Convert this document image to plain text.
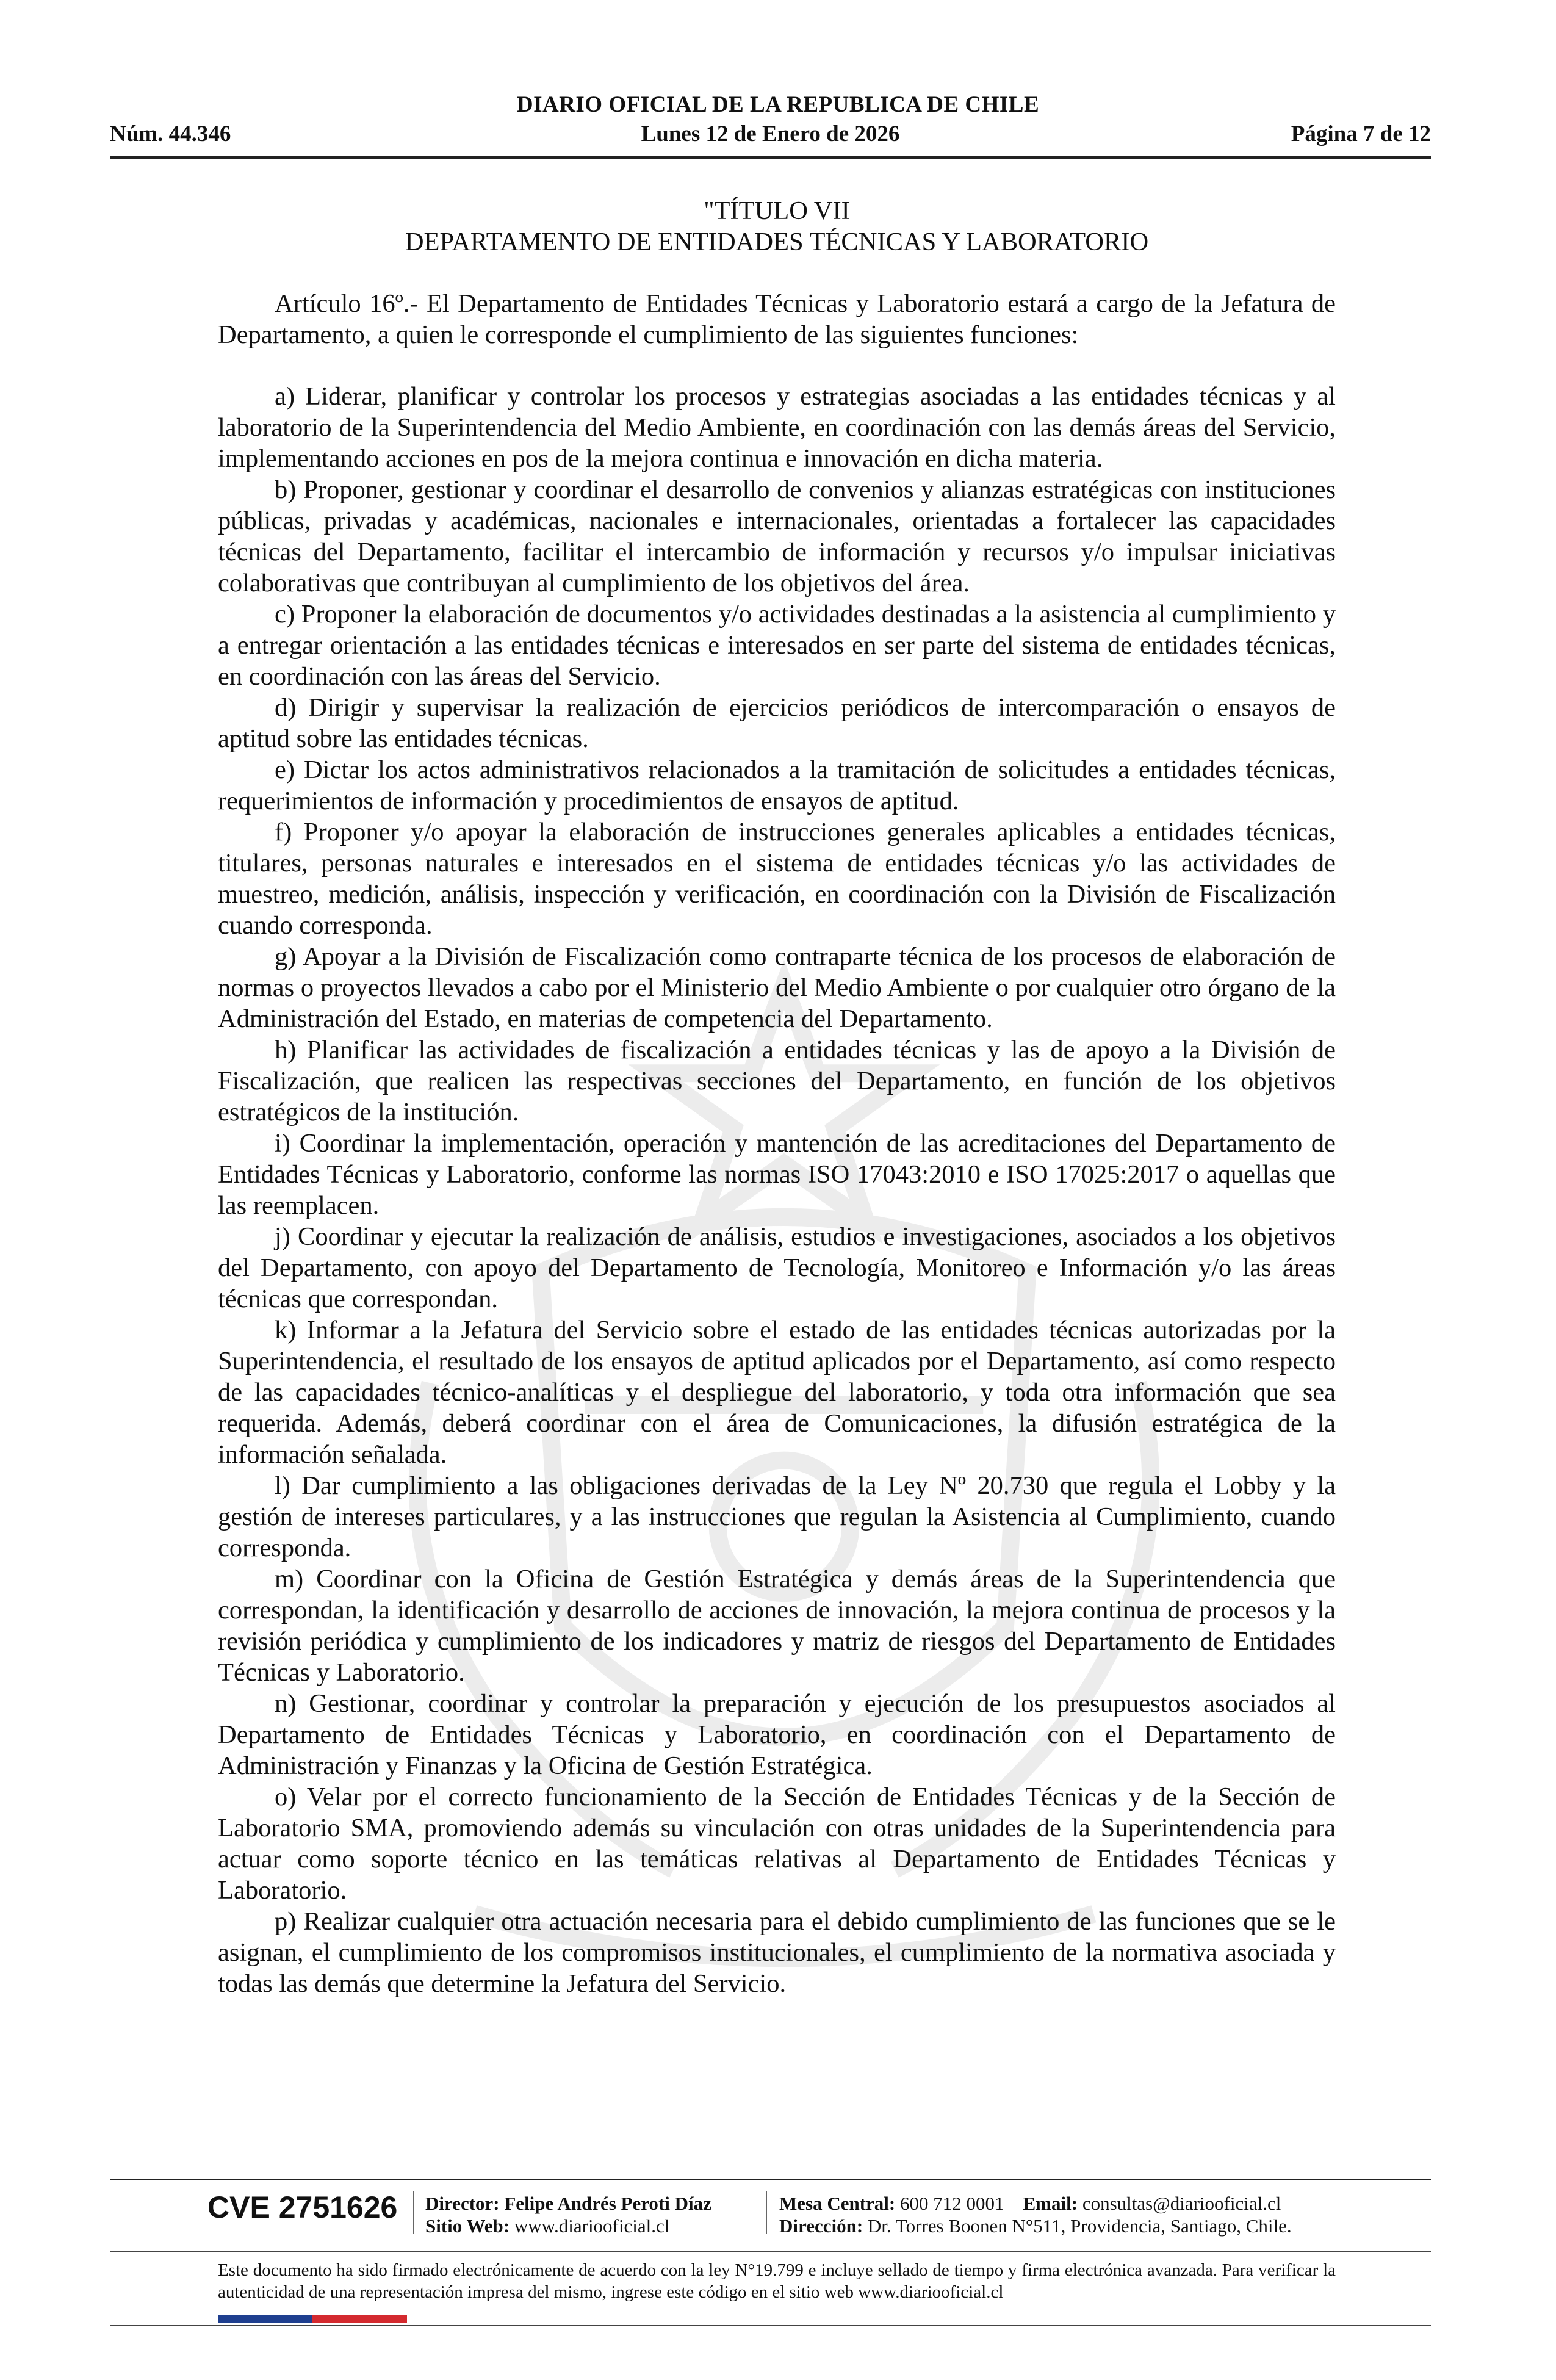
DIARIO OFICIAL DE LA REPUBLICA DE CHILE
Núm. 44.346	Lunes 12 de Enero de 2026	Página 7 de 12
"TÍTULO VII
DEPARTAMENTO DE ENTIDADES TÉCNICAS Y LABORATORIO

Artículo 16º.- El Departamento de Entidades Técnicas y Laboratorio estará a cargo de la Jefatura de Departamento, a quien le corresponde el cumplimiento de las siguientes funciones:

a) Liderar, planificar y controlar los procesos y estrategias asociadas a las entidades técnicas y al laboratorio de la Superintendencia del Medio Ambiente, en coordinación con las demás áreas del Servicio, implementando acciones en pos de la mejora continua e innovación en dicha materia.

b) Proponer, gestionar y coordinar el desarrollo de convenios y alianzas estratégicas con instituciones públicas, privadas y académicas, nacionales e internacionales, orientadas a fortalecer las capacidades técnicas del Departamento, facilitar el intercambio de información y recursos y/o impulsar iniciativas colaborativas que contribuyan al cumplimiento de los objetivos del área.

c) Proponer la elaboración de documentos y/o actividades destinadas a la asistencia al cumplimiento y a entregar orientación a las entidades técnicas e interesados en ser parte del sistema de entidades técnicas, en coordinación con las áreas del Servicio.

d) Dirigir y supervisar la realización de ejercicios periódicos de intercomparación o ensayos de aptitud sobre las entidades técnicas.

e) Dictar los actos administrativos relacionados a la tramitación de solicitudes a entidades técnicas, requerimientos de información y procedimientos de ensayos de aptitud.

f) Proponer y/o apoyar la elaboración de instrucciones generales aplicables a entidades técnicas, titulares, personas naturales e interesados en el sistema de entidades técnicas y/o las actividades de muestreo, medición, análisis, inspección y verificación, en coordinación con la División de Fiscalización cuando corresponda.

g) Apoyar a la División de Fiscalización como contraparte técnica de los procesos de elaboración de normas o proyectos llevados a cabo por el Ministerio del Medio Ambiente o por cualquier otro órgano de la Administración del Estado, en materias de competencia del Departamento.

h) Planificar las actividades de fiscalización a entidades técnicas y las de apoyo a la División de Fiscalización, que realicen las respectivas secciones del Departamento, en función de los objetivos estratégicos de la institución.

i) Coordinar la implementación, operación y mantención de las acreditaciones del Departamento de Entidades Técnicas y Laboratorio, conforme las normas ISO 17043:2010 e ISO 17025:2017 o aquellas que las reemplacen.

j) Coordinar y ejecutar la realización de análisis, estudios e investigaciones, asociados a los objetivos del Departamento, con apoyo del Departamento de Tecnología, Monitoreo e Información y/o las áreas técnicas que correspondan.

k) Informar a la Jefatura del Servicio sobre el estado de las entidades técnicas autorizadas por la Superintendencia, el resultado de los ensayos de aptitud aplicados por el Departamento, así como respecto de las capacidades técnico-analíticas y el despliegue del laboratorio, y toda otra información que sea requerida. Además, deberá coordinar con el área de Comunicaciones, la difusión estratégica de la información señalada.

l) Dar cumplimiento a las obligaciones derivadas de la Ley Nº 20.730 que regula el Lobby y la gestión de intereses particulares, y a las instrucciones que regulan la Asistencia al Cumplimiento, cuando corresponda.

m) Coordinar con la Oficina de Gestión Estratégica y demás áreas de la Superintendencia que correspondan, la identificación y desarrollo de acciones de innovación, la mejora continua de procesos y la revisión periódica y cumplimiento de los indicadores y matriz de riesgos del Departamento de Entidades Técnicas y Laboratorio.

n) Gestionar, coordinar y controlar la preparación y ejecución de los presupuestos asociados al Departamento de Entidades Técnicas y Laboratorio, en coordinación con el Departamento de Administración y Finanzas y la Oficina de Gestión Estratégica.

o) Velar por el correcto funcionamiento de la Sección de Entidades Técnicas y de la Sección de Laboratorio SMA, promoviendo además su vinculación con otras unidades de la Superintendencia para actuar como soporte técnico en las temáticas relativas al Departamento de Entidades Técnicas y Laboratorio.

p) Realizar cualquier otra actuación necesaria para el debido cumplimiento de las funciones que se le asignan, el cumplimiento de los compromisos institucionales, el cumplimiento de la normativa asociada y todas las demás que determine la Jefatura del Servicio.

CVE 2751626 Director: Felipe Andrés Peroti Díaz
Sitio Web: www.diariooficial.cl
Mesa Central: 600 712 0001 Email: consultas@diariooficial.cl
Dirección: Dr. Torres Boonen N°511, Providencia, Santiago, Chile.
Este documento ha sido firmado electrónicamente de acuerdo con la ley N°19.799 e incluye sellado de tiempo y firma electrónica avanzada. Para verificar la autenticidad de una representación impresa del mismo, ingrese este código en el sitio web www.diariooficial.cl
